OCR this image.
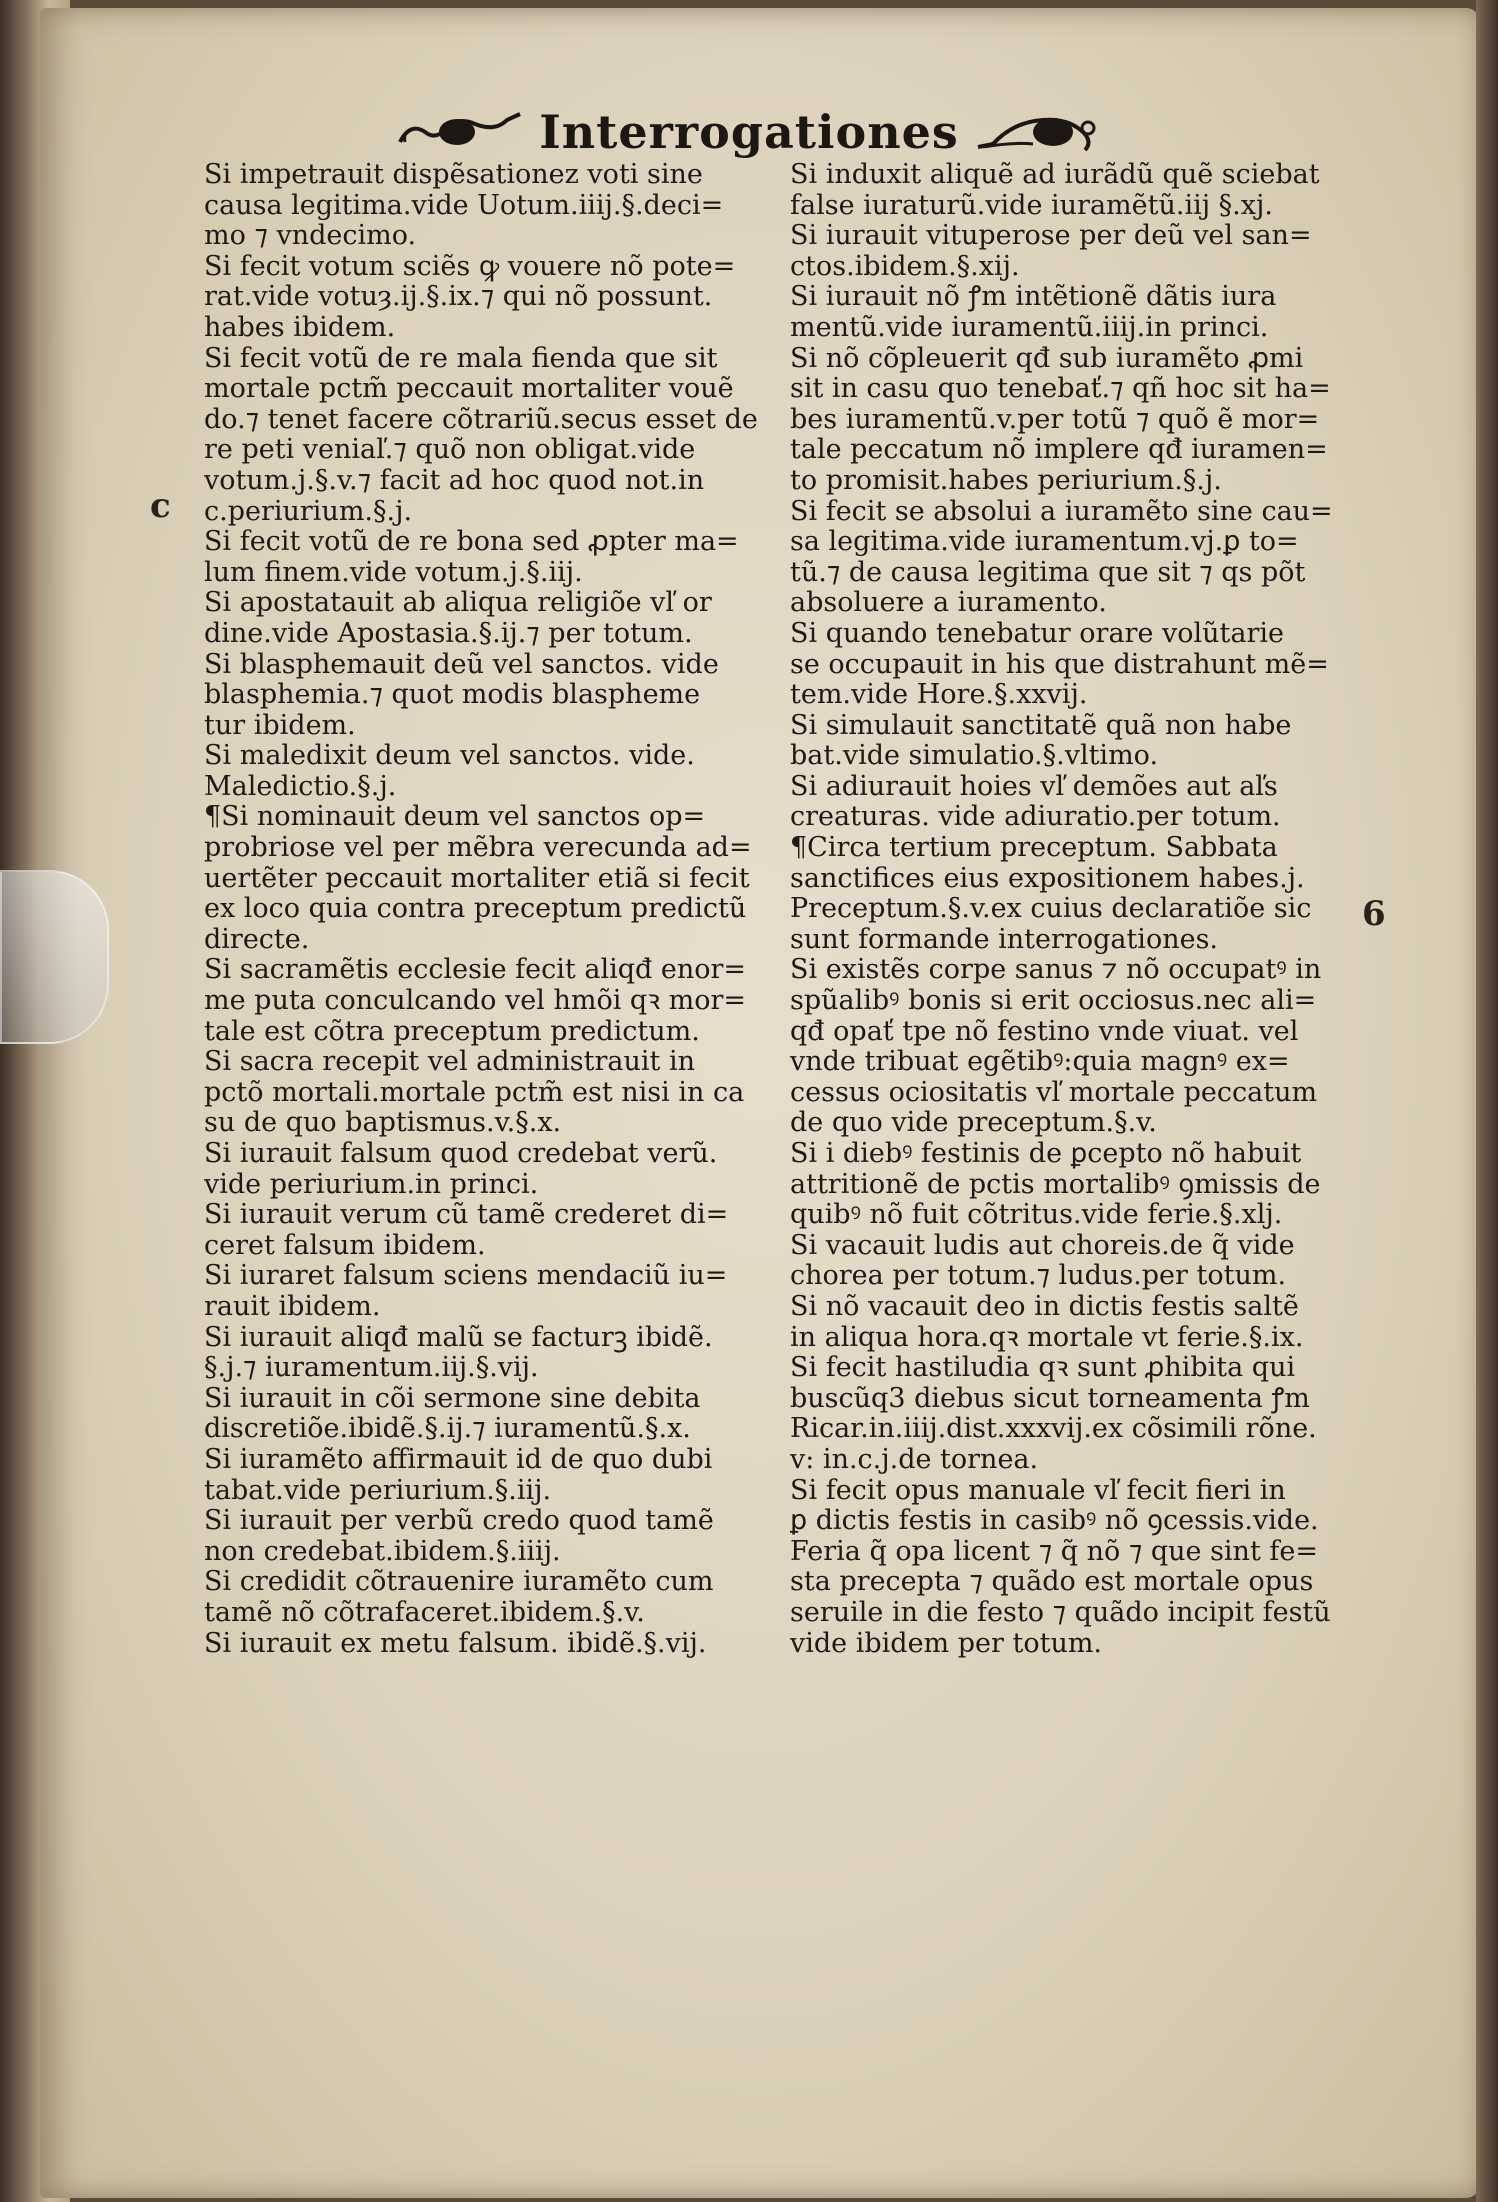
Interrogationes
Si impetrauit dispẽsationez voti sine
causa legitima.vide Uotum.iiij.§.deci=
mo ⁊ vndecimo.
Si fecit votum sciẽs ꝙ vouere nõ pote=
rat.vide votuȝ.ij.§.ix.⁊ qui nõ possunt.
habes ibidem.
Si fecit votũ de re mala fienda que sit
mortale pctm̃ peccauit mortaliter vouẽ
do.⁊ tenet̃ facere cõtrariũ.secus esset de
re peti veniaľ.⁊ quõ non obligat.vide
votum.j.§.v.⁊ facit ad hoc quod not.in
c.periurium.§.j.
Si fecit votũ de re bona sed ꝓpter ma=
lum finem.vide votum.j.§.iij.
Si apostatauit ab aliqua religiõe vľ or
dine.vide Apostasia.§.ij.⁊ per totum.
Si blasphemauit deũ vel sanctos. vide
blasphemia.⁊ quot modis blaspheme
tur ibidem.
Si maledixit deum vel sanctos. vide.
Maledictio.§.j.
¶Si nominauit deum vel sanctos op=
probriose vel per mẽbra verecunda ad=
uertẽter peccauit mortaliter etiã si fecit
ex loco quia contra preceptum predictũ
directe.
Si sacramẽtis ecclesie fecit aliqđ enor=
me puta conculcando vel hmõi qꝛ mor=
tale est cõtra preceptum predictum.
Si sacra recepit vel administrauit in
pctõ mortali.mortale pctm̃ est nisi in ca
su de quo baptismus.v.§.x.
Si iurauit falsum quod credebat verũ.
vide periurium.in princi.
Si iurauit verum cũ tamẽ crederet di=
ceret falsum ibidem.
Si iuraret falsum sciens mendaciũ iu=
rauit ibidem.
Si iurauit aliqđ malũ se facturꝫ ibidẽ.
§.j.⁊ iuramentum.iij.§.vij.
Si iurauit in cõi sermone sine debita
discretiõe.ibidẽ.§.ij.⁊ iuramentũ.§.x.
Si iuramẽto affirmauit id de quo dubi
tabat.vide periurium.§.iij.
Si iurauit per verbũ credo quod tamẽ
non credebat.ibidem.§.iiij.
Si credidit cõtrauenire iuramẽto cum
tamẽ nõ cõtrafaceret.ibidem.§.v.
Si iurauit ex metu falsum. ibidẽ.§.vij.
Si induxit aliquẽ ad iurãdũ quẽ sciebat
false iuraturũ.vide iuramẽtũ.iij §.xj.
Si iurauit vituperose per deũ vel san=
ctos.ibidem.§.xij.
Si iurauit nõ ꝭm intẽtionẽ dãtis iura
mentũ.vide iuramentũ.iiij.in princi.
Si nõ cõpleuerit qđ sub iuramẽto ꝓmi
sit in casu quo tenebať.⁊ qñ hoc sit ha=
bes iuramentũ.v.per totũ ⁊ quõ ẽ mor=
tale peccatum nõ implere qđ iuramen=
to promisit.habes periurium.§.j.
Si fecit se absolui a iuramẽto sine cau=
sa legitima.vide iuramentum.vj.ꝑ to=
tũ.⁊ de causa legitima que sit ⁊ qs põt
absoluere a iuramento.
Si quando tenebatur orare volũtarie
se occupauit in his que distrahunt mẽ=
tem.vide Hore.§.xxvij.
Si simulauit sanctitatẽ quã non habe
bat.vide simulatio.§.vltimo.
Si adiurauit hoies vľ demões aut aľs
creaturas. vide adiuratio.per totum.
¶Circa tertium preceptum. Sabbata
sanctifices eius expositionem habes.j.
Preceptum.§.v.ex cuius declaratiõe sic
sunt formande interrogationes.
Si existẽs corpe sanus ⁊ nõ occupatꝰ in
spũalibꝰ bonis si erit occiosus.nec ali=
qđ opať tpe nõ festino vnde viuat. vel
vnde tribuat egẽtibꝰ:quia magnꝰ ex=
cessus ociositatis vľ mortale peccatum
de quo vide preceptum.§.v.
Si i diebꝰ festinis de ꝑcepto nõ habuit
attritionẽ de pctis mortalibꝰ ꝯmissis de
quibꝰ nõ fuit cõtritus.vide ferie.§.xlj.
Si vacauit ludis aut choreis.de q̃ vide
chorea per totum.⁊ ludus.per totum.
Si nõ vacauit deo in dictis festis saltẽ
in aliqua hora.qꝛ mortale vt ferie.§.ix.
Si fecit hastiludia qꝛ sunt ꝓhibita qui
buscũq3 diebus sicut torneamenta ꝭm
Ricar.in.iiij.dist.xxxvij.ex cõsimili rõne.
v: in.c.j.de tornea.
Si fecit opus manuale vľ fecit fieri in
ꝑ dictis festis in casibꝰ nõ ꝯcessis.vide.
Feria q̃ opa licent ⁊ q̃ nõ ⁊ que sint fe=
sta precepta ⁊ quãdo est mortale opus
seruile in die festo ⁊ quãdo incipit festũ
vide ibidem per totum.
c
6
